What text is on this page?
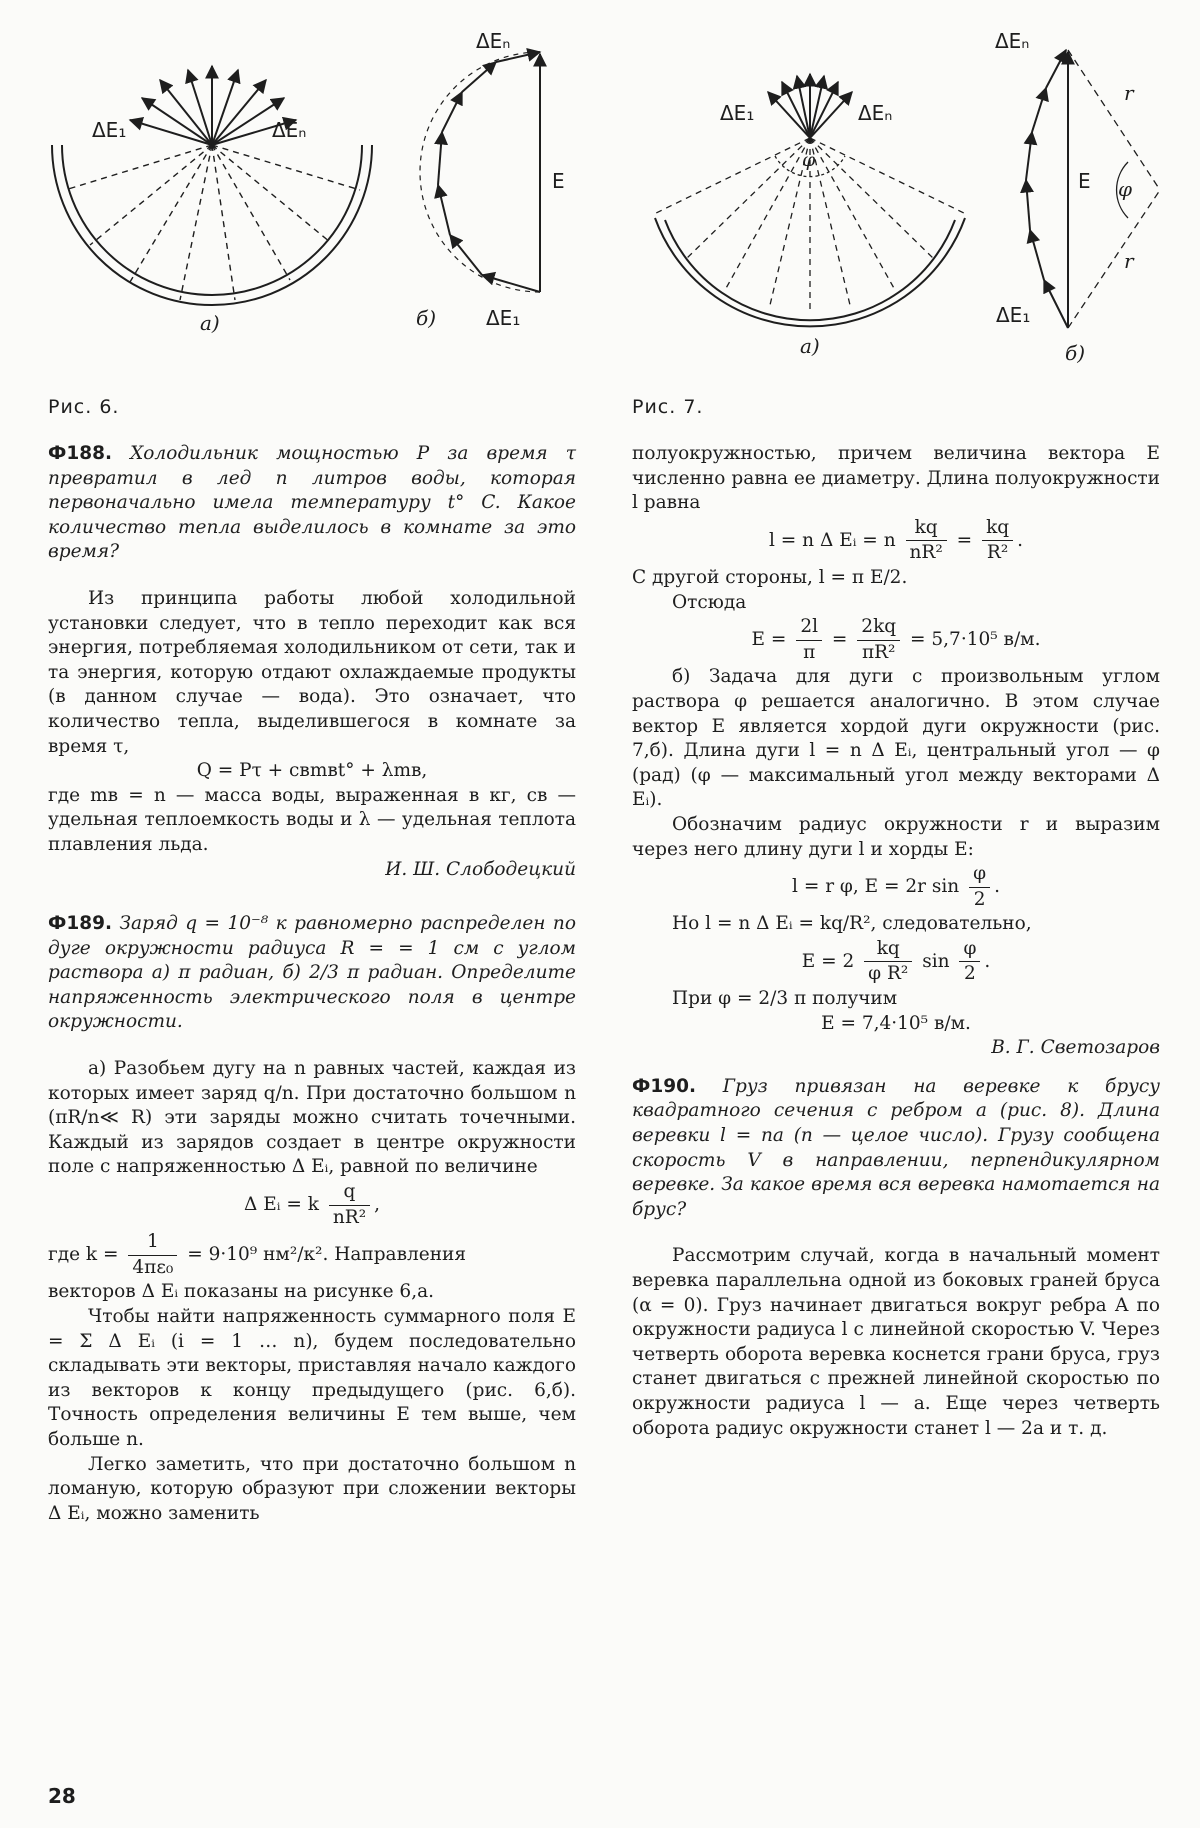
ΔE₁	ΔEₙ
а)
ΔEₙ
E
ΔE₁
б)
Рис. 6.
ΔE₁	ΔEₙ
φ
а)
ΔEₙ
E φ
r
r
ΔE₁
б)
Рис. 7.

Ф188. Холодильник мощностью P за время τ превратил в лед n литров воды, которая первоначально имела температуру t° C. Какое количество тепла выделилось в комнате за это время?

Из принципа работы любой холодильной установки следует, что в тепло переходит как вся энергия, потребляемая холодильником от сети, так и та энергия, которую отдают охлаждаемые продукты (в данном случае — вода). Это означает, что количество тепла, выделившегося в комнате за время τ,

Q = Pτ + cвmвt° + λmв,

где mв = n — масса воды, выраженная в кг, cв — удельная теплоемкость воды и λ — удельная теплота плавления льда.

И. Ш. Слободецкий

Ф189. Заряд q = 10⁻⁸ к равномерно распределен по дуге окружности радиуса R = = 1 см с углом раствора а) π радиан, б) 2/3 π радиан. Определите напряженность электрического поля в центре окружности.

а) Разобьем дугу на n равных частей, каждая из которых имеет заряд q/n. При достаточно большом n (πR/n≪ R) эти заряды можно считать точечными. Каждый из зарядов создает в центре окружности поле с напряженностью Δ Eᵢ, равной по величине

Δ Eᵢ = k $\frac{q}{\text{nR²}}$ ,

где $k = \frac{1}{\text{4πε₀}} = 9\cdot 10^9$ нм²/к². Направления

векторов Δ Eᵢ показаны на рисунке 6,а.

Чтобы найти напряженность суммарного поля E = Σ Δ Eᵢ (i = 1 … n), будем последовательно складывать эти векторы, приставляя начало каждого из векторов к концу предыдущего (рис. 6,б). Точность определения величины E тем выше, чем больше n.

Легко заметить, что при достаточно большом n ломаную, которую образуют при сложении векторы Δ Eᵢ, можно заменить

полуокружностью, причем величина вектора E численно равна ее диаметру. Длина полуокружности l равна

l = n Δ Eᵢ = n $\frac{kq}{\text{nR²}} = \frac{kq}{\text{R²}}$ .

С другой стороны, l = π E/2.

Отсюда

$E = \frac{2l}{\pi} = \frac{2kq}{\text{πR²}} = 5,7\cdot 10^5$ в/м.

б) Задача для дуги с произвольным углом раствора φ решается аналогично. В этом случае вектор E является хордой дуги окружности (рис. 7,б). Длина дуги l = n Δ Eᵢ, центральный угол — φ (рад) (φ — максимальный угол между векторами Δ Eᵢ).

Обозначим радиус окружности r и выразим через него длину дуги l и хорды E:

l = r φ, E = 2r $\sin \frac{\varphi}{2}$ .

Но l = n Δ Eᵢ = kq/R², следовательно,

$E = 2 \frac{kq}{\text{φ R²}}$ $\sin \frac{\varphi}{2}$ .

При φ = 2/3 π получим

E = 7,4·10⁵ в/м.

В. Г. Светозаров

Ф190. Груз привязан на веревке к брусу квадратного сечения с ребром a (рис. 8). Длина веревки l = na (n — целое число). Грузу сообщена скорость V в направлении, перпендикулярном веревке. За какое время вся веревка намотается на брус?

Рассмотрим случай, когда в начальный момент веревка параллельна одной из боковых граней бруса (α = 0). Груз начинает двигаться вокруг ребра A по окружности радиуса l с линейной скоростью V. Через четверть оборота веревка коснется грани бруса, груз станет двигаться с прежней линейной скоростью по окружности радиуса l — a. Еще через четверть оборота радиус окружности станет l — 2a и т. д.

28
